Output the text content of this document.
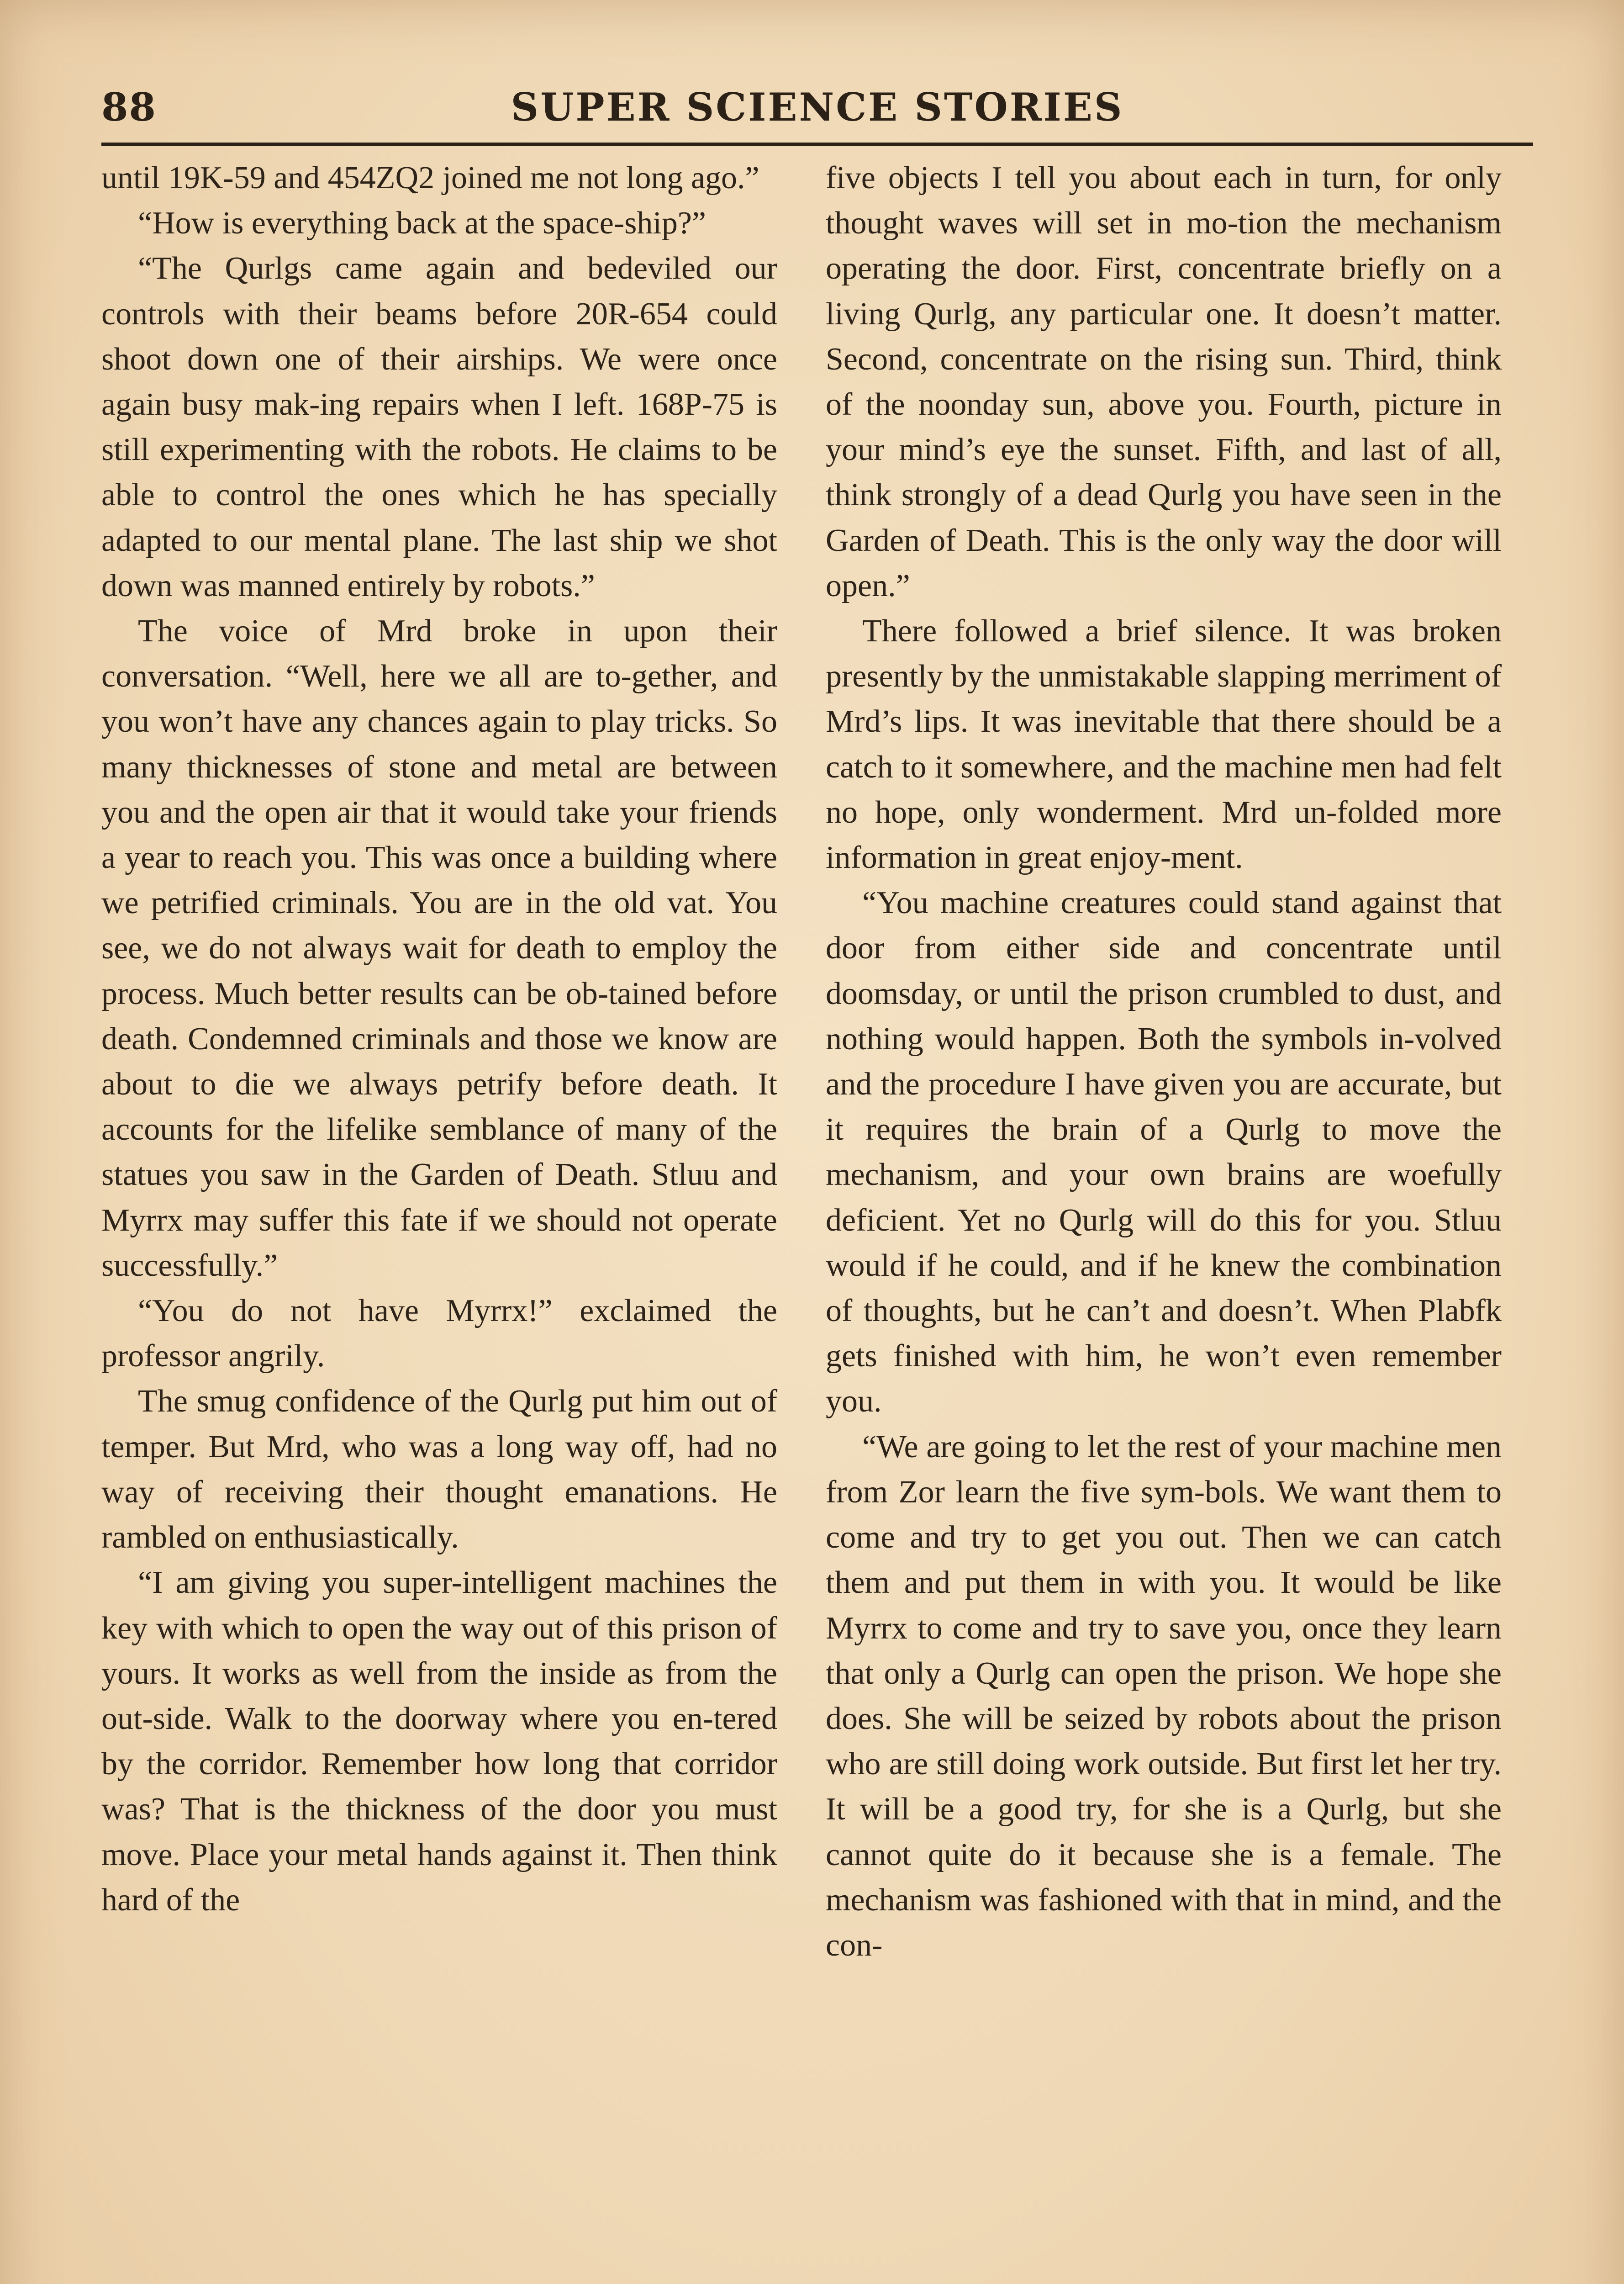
88	SUPER SCIENCE STORIES

until 19K-59 and 454ZQ2 joined me not long ago.”

“How is everything back at the space-ship?”

“The Qurlgs came again and bedeviled our controls with their beams before 20R-654 could shoot down one of their airships. We were once again busy mak-ing repairs when I left. 168P-75 is still experimenting with the robots. He claims to be able to control the ones which he has specially adapted to our mental plane. The last ship we shot down was manned entirely by robots.”

The voice of Mrd broke in upon their conversation. “Well, here we all are to-gether, and you won’t have any chances again to play tricks. So many thicknesses of stone and metal are between you and the open air that it would take your friends a year to reach you. This was once a building where we petrified criminals. You are in the old vat. You see, we do not always wait for death to employ the process. Much better results can be ob-tained before death. Condemned criminals and those we know are about to die we always petrify before death. It accounts for the lifelike semblance of many of the statues you saw in the Garden of Death. Stluu and Myrrx may suffer this fate if we should not operate successfully.”

“You do not have Myrrx!” exclaimed the professor angrily.

The smug confidence of the Qurlg put him out of temper. But Mrd, who was a long way off, had no way of receiving their thought emanations. He rambled on enthusiastically.

“I am giving you super-intelligent machines the key with which to open the way out of this prison of yours. It works as well from the inside as from the out-side. Walk to the doorway where you en-tered by the corridor. Remember how long that corridor was? That is the thickness of the door you must move. Place your metal hands against it. Then think hard of the

five objects I tell you about each in turn, for only thought waves will set in mo-tion the mechanism operating the door. First, concentrate briefly on a living Qurlg, any particular one. It doesn’t matter. Second, concentrate on the rising sun. Third, think of the noonday sun, above you. Fourth, picture in your mind’s eye the sunset. Fifth, and last of all, think strongly of a dead Qurlg you have seen in the Garden of Death. This is the only way the door will open.”

There followed a brief silence. It was broken presently by the unmistakable slapping merriment of Mrd’s lips. It was inevitable that there should be a catch to it somewhere, and the machine men had felt no hope, only wonderment. Mrd un-folded more information in great enjoy-ment.

“You machine creatures could stand against that door from either side and concentrate until doomsday, or until the prison crumbled to dust, and nothing would happen. Both the symbols in-volved and the procedure I have given you are accurate, but it requires the brain of a Qurlg to move the mechanism, and your own brains are woefully deficient. Yet no Qurlg will do this for you. Stluu would if he could, and if he knew the combination of thoughts, but he can’t and doesn’t. When Plabfk gets finished with him, he won’t even remember you.

“We are going to let the rest of your machine men from Zor learn the five sym-bols. We want them to come and try to get you out. Then we can catch them and put them in with you. It would be like Myrrx to come and try to save you, once they learn that only a Qurlg can open the prison. We hope she does. She will be seized by robots about the prison who are still doing work outside. But first let her try. It will be a good try, for she is a Qurlg, but she cannot quite do it because she is a female. The mechanism was fashioned with that in mind, and the con-
